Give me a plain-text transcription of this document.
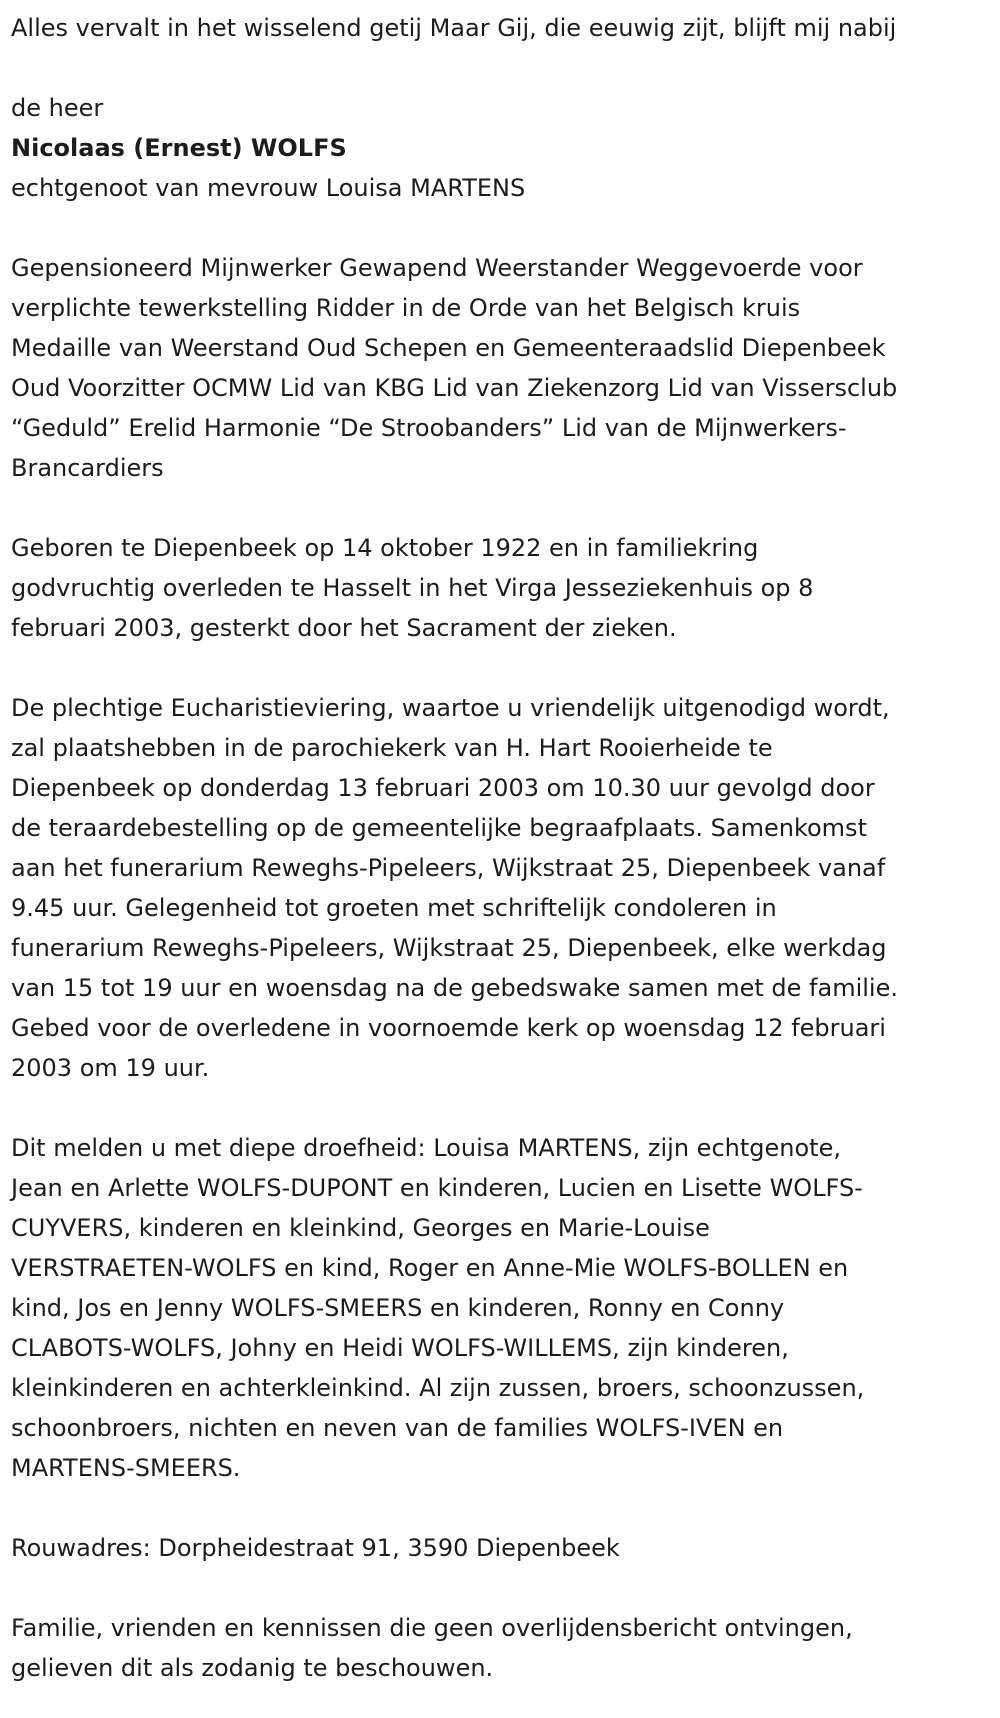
Alles vervalt in het wisselend getij Maar Gij, die eeuwig zijt, blijft mij nabij

de heer

Nicolaas (Ernest) WOLFS

echtgenoot van mevrouw Louisa MARTENS

Gepensioneerd Mijnwerker Gewapend Weerstander Weggevoerde voor

verplichte tewerkstelling Ridder in de Orde van het Belgisch kruis

Medaille van Weerstand Oud Schepen en Gemeenteraadslid Diepenbeek

Oud Voorzitter OCMW Lid van KBG Lid van Ziekenzorg Lid van Vissersclub

“Geduld” Erelid Harmonie “De Stroobanders” Lid van de Mijnwerkers-

Brancardiers

Geboren te Diepenbeek op 14 oktober 1922 en in familiekring

godvruchtig overleden te Hasselt in het Virga Jesseziekenhuis op 8

februari 2003, gesterkt door het Sacrament der zieken.

De plechtige Eucharistieviering, waartoe u vriendelijk uitgenodigd wordt,

zal plaatshebben in de parochiekerk van H. Hart Rooierheide te

Diepenbeek op donderdag 13 februari 2003 om 10.30 uur gevolgd door

de teraardebestelling op de gemeentelijke begraafplaats. Samenkomst

aan het funerarium Reweghs-Pipeleers, Wijkstraat 25, Diepenbeek vanaf

9.45 uur. Gelegenheid tot groeten met schriftelijk condoleren in

funerarium Reweghs-Pipeleers, Wijkstraat 25, Diepenbeek, elke werkdag

van 15 tot 19 uur en woensdag na de gebedswake samen met de familie.

Gebed voor de overledene in voornoemde kerk op woensdag 12 februari

2003 om 19 uur.

Dit melden u met diepe droefheid: Louisa MARTENS, zijn echtgenote,

Jean en Arlette WOLFS-DUPONT en kinderen, Lucien en Lisette WOLFS-

CUYVERS, kinderen en kleinkind, Georges en Marie-Louise

VERSTRAETEN-WOLFS en kind, Roger en Anne-Mie WOLFS-BOLLEN en

kind, Jos en Jenny WOLFS-SMEERS en kinderen, Ronny en Conny

CLABOTS-WOLFS, Johny en Heidi WOLFS-WILLEMS, zijn kinderen,

kleinkinderen en achterkleinkind. Al zijn zussen, broers, schoonzussen,

schoonbroers, nichten en neven van de families WOLFS-IVEN en

MARTENS-SMEERS.

Rouwadres: Dorpheidestraat 91, 3590 Diepenbeek

Familie, vrienden en kennissen die geen overlijdensbericht ontvingen,

gelieven dit als zodanig te beschouwen.
